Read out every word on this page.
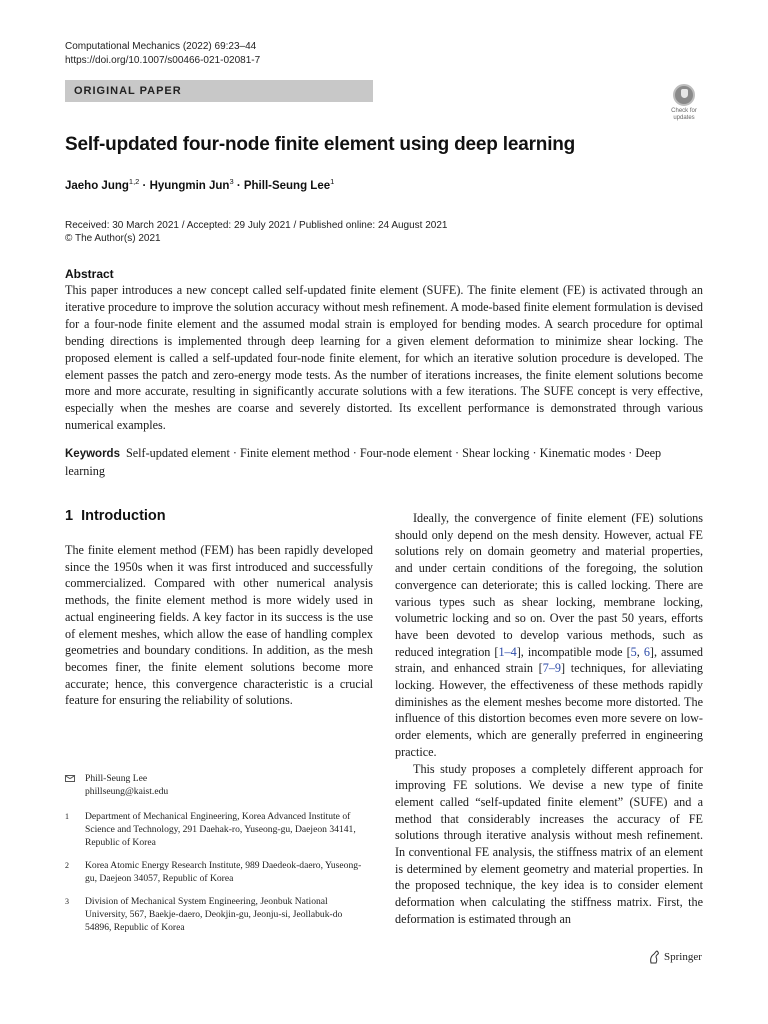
Computational Mechanics (2022) 69:23–44
https://doi.org/10.1007/s00466-021-02081-7
ORIGINAL PAPER
Check for
updates
Self-updated four-node finite element using deep learning
Jaeho Jung$^{1,2}$ · Hyungmin Jun$^3$ · Phill-Seung Lee$^1$
Received: 30 March 2021 / Accepted: 29 July 2021 / Published online: 24 August 2021
© The Author(s) 2021
Abstract
This paper introduces a new concept called self-updated finite element (SUFE). The finite element (FE) is activated through an iterative procedure to improve the solution accuracy without mesh refinement. A mode-based finite element formulation is devised for a four-node finite element and the assumed modal strain is employed for bending modes. A search procedure for optimal bending directions is implemented through deep learning for a given element deformation to minimize shear locking. The proposed element is called a self-updated four-node finite element, for which an iterative solution procedure is developed. The element passes the patch and zero-energy mode tests. As the number of iterations increases, the finite element solutions become more and more accurate, resulting in significantly accurate solutions with a few iterations. The SUFE concept is very effective, especially when the meshes are coarse and severely distorted. Its excellent performance is demonstrated through various numerical examples.
Keywords Self-updated element · Finite element method · Four-node element · Shear locking · Kinematic modes · Deep learning
1 Introduction

The finite element method (FEM) has been rapidly developed since the 1950s when it was first introduced and successfully commercialized. Compared with other numerical analysis methods, the finite element method is more widely used in actual engineering fields. A key factor in its success is the use of element meshes, which allow the ease of handling complex geometries and boundary conditions. In addition, as the mesh becomes finer, the finite element solutions become more accurate; hence, this convergence characteristic is a crucial feature for ensuring the reliability of solutions.

Ideally, the convergence of finite element (FE) solutions should only depend on the mesh density. However, actual FE solutions rely on domain geometry and material properties, and under certain conditions of the foregoing, the solution convergence can deteriorate; this is called locking. There are various types such as shear locking, membrane locking, volumetric locking and so on. Over the past 50 years, efforts have been devoted to develop various methods, such as reduced integration [1–4], incompatible mode [5, 6], assumed strain, and enhanced strain [7–9] techniques, for alleviating locking. However, the effectiveness of these methods rapidly diminishes as the element meshes become more distorted. The influence of this distortion becomes even more severe on low-order elements, which are generally preferred in engineering practice.

This study proposes a completely different approach for improving FE solutions. We devise a new type of finite element called “self-updated finite element” (SUFE) and a method that considerably increases the accuracy of FE solutions through iterative analysis without mesh refinement. In conventional FE analysis, the stiffness matrix of an element is determined by element geometry and material properties. In the proposed technique, the key idea is to consider element deformation when calculating the stiffness matrix. First, the deformation is estimated through an

Phill-Seung Lee
phillseung@kaist.edu
1	Department of Mechanical Engineering, Korea Advanced Institute of Science and Technology, 291 Daehak-ro, Yuseong-gu, Daejeon 34141, Republic of Korea
2	Korea Atomic Energy Research Institute, 989 Daedeok-daero, Yuseong-gu, Daejeon 34057, Republic of Korea
3	Division of Mechanical System Engineering, Jeonbuk National University, 567, Baekje-daero, Deokjin-gu, Jeonju-si, Jeollabuk-do 54896, Republic of Korea
Springer
